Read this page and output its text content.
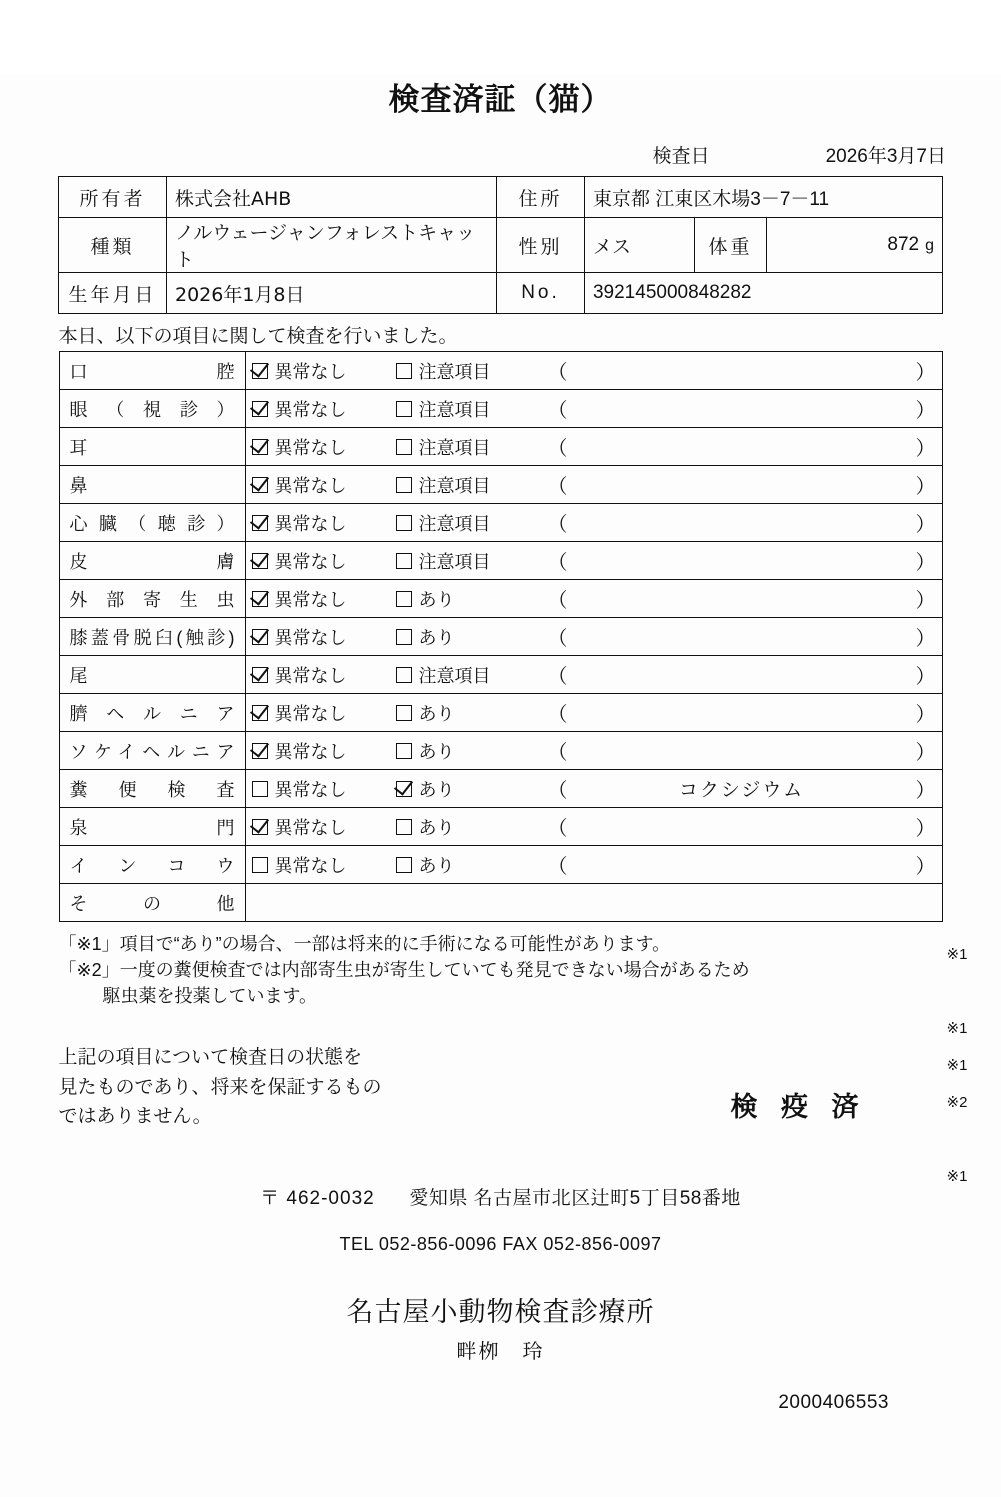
検査済証（猫）
検査日	2026年3月7日
所有者	株式会社AHB	住所	東京都 江東区木場3－7－11		
種類	ノルウェージャンフォレストキャット	性別	メス	体重	872 g
生年月日	2026年1月8日	No.	392145000848282		
本日、以下の項目に関して検査を行いました。
口　　　　腔	異常なし	注意項目	（ ）

眼（視診）	異常なし	注意項目	（ ）

耳	異常なし	注意項目	（ ）

鼻	異常なし	注意項目	（ ）

心臓（聴診）	異常なし	注意項目	（ ）

皮　　　　膚	異常なし	注意項目	（ ）

外部寄生虫	異常なし	あり	（ ）

膝蓋骨脱臼(触診)	異常なし	あり	（ ）

尾	異常なし	注意項目	（ ）

臍ヘルニア	異常なし	あり	（ ）

ソケイヘルニア	異常なし	あり	（ ）

糞便検査	異常なし	あり	（ コクシジウム ）

泉　　　　門	異常なし	あり	（ ）

インコウ	異常なし	あり	（ ）

そ　の　他			
※1
※1
※1
※2
※1
「※1」項目で“あり”の場合、一部は将来的に手術になる可能性があります。
「※2」一度の糞便検査では内部寄生虫が寄生していても発見できない場合があるため
駆虫薬を投薬しています。
上記の項目について検査日の状態を
見たものであり、将来を保証するもの
ではありません。	検 疫 済
〒 462-0032 愛知県 名古屋市北区辻町5丁目58番地
TEL 052-856-0096 FAX 052-856-0097
名古屋小動物検査診療所
畔栁　玲
2000406553
